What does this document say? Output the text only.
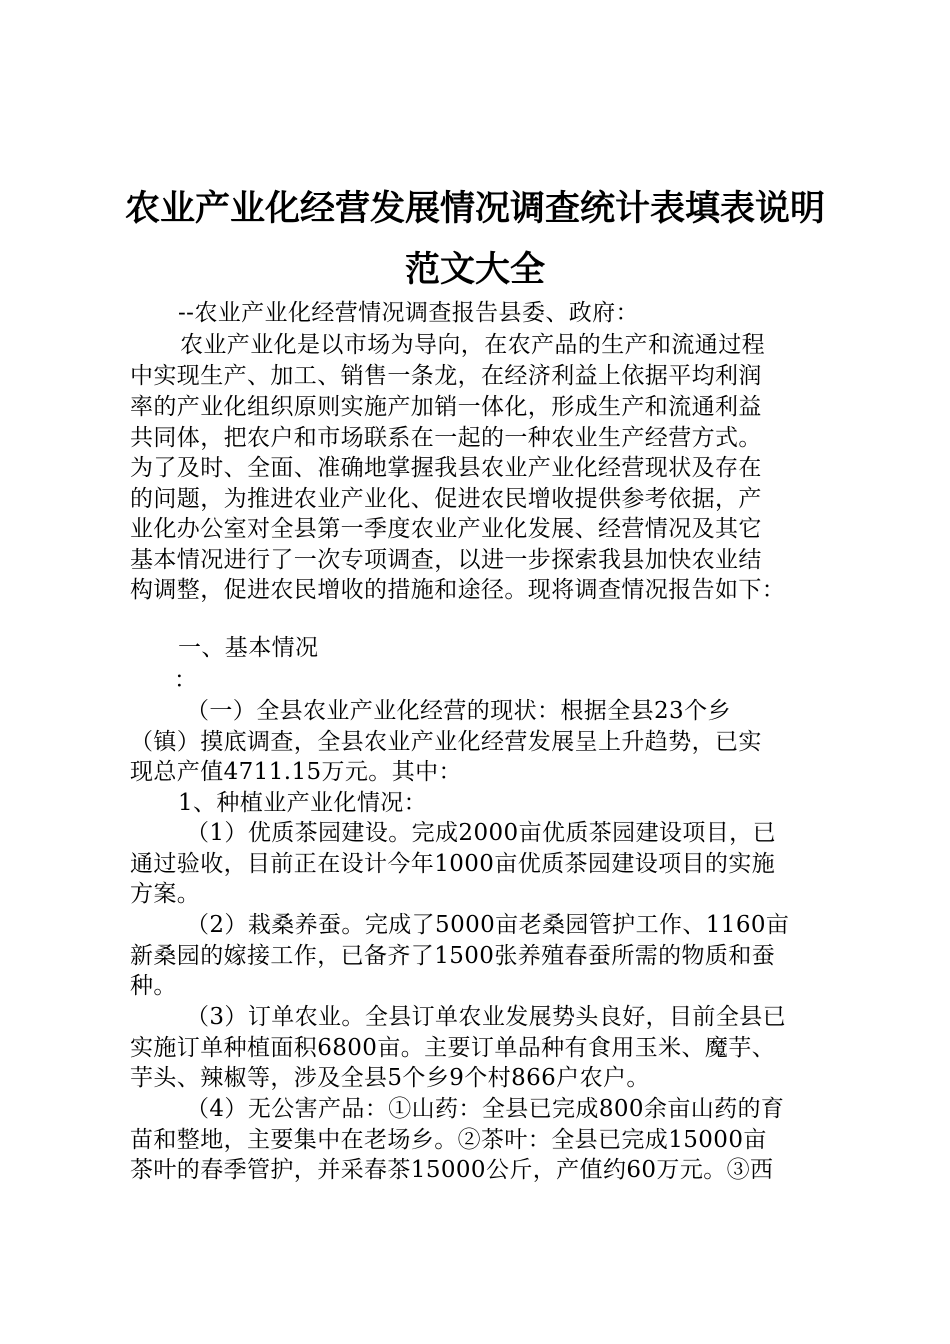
农业产业化经营发展情况调查统计表填表说明
范文大全
--农业产业化经营情况调查报告县委、政府：
农业产业化是以市场为导向，在农产品的生产和流通过程
中实现生产、加工、销售一条龙，在经济利益上依据平均利润
率的产业化组织原则实施产加销一体化，形成生产和流通利益
共同体，把农户和市场联系在一起的一种农业生产经营方式。
为了及时、全面、准确地掌握我县农业产业化经营现状及存在
的问题，为推进农业产业化、促进农民增收提供参考依据，产
业化办公室对全县第一季度农业产业化发展、经营情况及其它
基本情况进行了一次专项调查，以进一步探索我县加快农业结
构调整，促进农民增收的措施和途径。现将调查情况报告如下：
一、基本情况
：
（一）全县农业产业化经营的现状：根据全县23个乡
（镇）摸底调查，全县农业产业化经营发展呈上升趋势，已实
现总产值4711.15万元。其中：
1、种植业产业化情况：
（1）优质茶园建设。完成2000亩优质茶园建设项目，已
通过验收，目前正在设计今年1000亩优质茶园建设项目的实施
方案。
（2）栽桑养蚕。完成了5000亩老桑园管护工作、1160亩
新桑园的嫁接工作，已备齐了1500张养殖春蚕所需的物质和蚕
种。
（3）订单农业。全县订单农业发展势头良好，目前全县已
实施订单种植面积6800亩。主要订单品种有食用玉米、魔芋、
芋头、辣椒等，涉及全县5个乡9个村866户农户。
（4）无公害产品：①山药：全县已完成800余亩山药的育
苗和整地，主要集中在老场乡。②茶叶：全县已完成15000亩
茶叶的春季管护，并采春茶15000公斤，产值约60万元。③西
